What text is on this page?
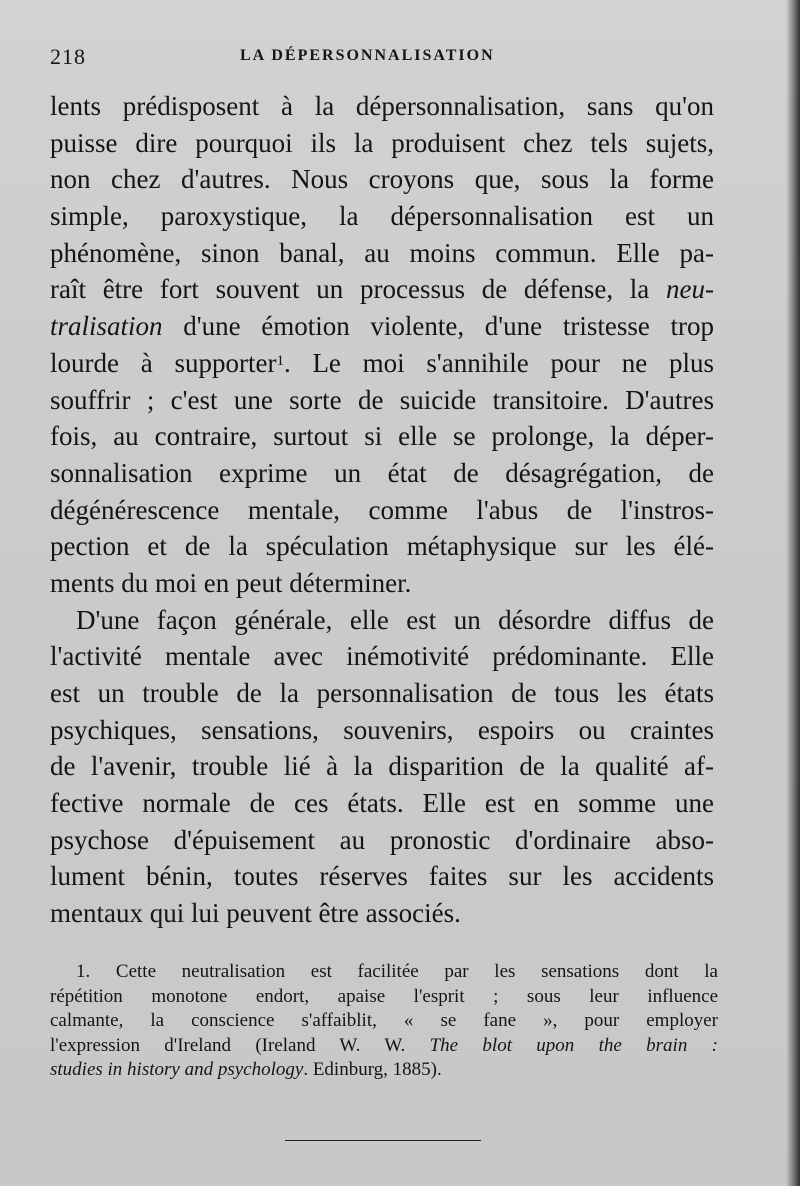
218	LA DÉPERSONNALISATION
lents prédisposent à la dépersonnalisation, sans qu'on
puisse dire pourquoi ils la produisent chez tels sujets,
non chez d'autres. Nous croyons que, sous la forme
simple, paroxystique, la dépersonnalisation est un
phénomène, sinon banal, au moins commun. Elle pa-
raît être fort souvent un processus de défense, la neu-
tralisation d'une émotion violente, d'une tristesse trop
lourde à supporter$^1$. Le moi s'annihile pour ne plus
souffrir ; c'est une sorte de suicide transitoire. D'autres
fois, au contraire, surtout si elle se prolonge, la déper-
sonnalisation exprime un état de désagrégation, de
dégénérescence mentale, comme l'abus de l'instros-
pection et de la spéculation métaphysique sur les élé-
ments du moi en peut déterminer.
D'une façon générale, elle est un désordre diffus de
l'activité mentale avec inémotivité prédominante. Elle
est un trouble de la personnalisation de tous les états
psychiques, sensations, souvenirs, espoirs ou craintes
de l'avenir, trouble lié à la disparition de la qualité af-
fective normale de ces états. Elle est en somme une
psychose d'épuisement au pronostic d'ordinaire abso-
lument bénin, toutes réserves faites sur les accidents
mentaux qui lui peuvent être associés.
1. Cette neutralisation est facilitée par les sensations dont la
répétition monotone endort, apaise l'esprit ; sous leur influence
calmante, la conscience s'affaiblit, « se fane », pour employer
l'expression d'Ireland (Ireland W. W. The blot upon the brain :
studies in history and psychology. Edinburg, 1885).
